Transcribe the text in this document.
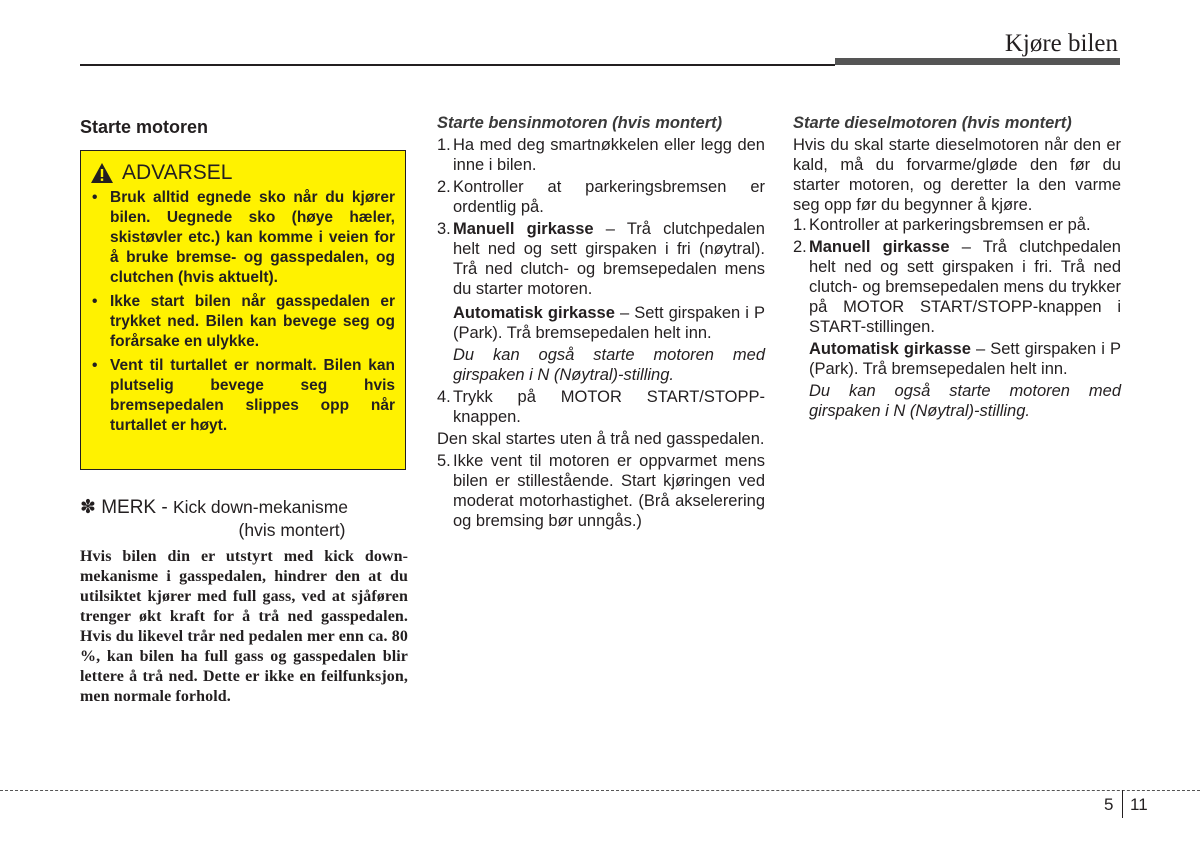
Kjøre bilen
Starte motoren
ADVARSEL
• Bruk alltid egnede sko når du kjører bilen. Uegnede sko (høye hæler, skistøvler etc.) kan komme i veien for å bruke bremse- og gasspedalen, og clutchen (hvis aktuelt).
• Ikke start bilen når gasspedalen er trykket ned. Bilen kan bevege seg og forårsake en ulykke.
• Vent til turtallet er normalt. Bilen kan plutselig bevege seg hvis bremsepedalen slippes opp når turtallet er høyt.
✽ MERK - Kick down-mekanisme
(hvis montert)
Hvis bilen din er utstyrt med kick down-mekanisme i gasspedalen, hindrer den at du utilsiktet kjører med full gass, ved at sjåføren trenger økt kraft for å trå ned gasspedalen. Hvis du likevel trår ned pedalen mer enn ca. 80 %, kan bilen ha full gass og gasspedalen blir lettere å trå ned. Dette er ikke en feilfunksjon, men normale forhold.
Starte bensinmotoren (hvis montert)
1. Ha med deg smartnøkkelen eller legg den inne i bilen.
2. Kontroller at parkeringsbremsen er ordentlig på.
3. Manuell girkasse – Trå clutchpedalen helt ned og sett girspaken i fri (nøytral). Trå ned clutch- og bremsepedalen mens du starter motoren.
Automatisk girkasse – Sett girspaken i P (Park). Trå bremsepedalen helt inn.
Du kan også starte motoren med girspaken i N (Nøytral)-stilling.
4. Trykk på MOTOR START/STOPP-knappen.
Den skal startes uten å trå ned gasspedalen.
5. Ikke vent til motoren er oppvarmet mens bilen er stillestående. Start kjøringen ved moderat motorhastighet. (Brå akselerering og bremsing bør unngås.)
Starte dieselmotoren (hvis montert)
Hvis du skal starte dieselmotoren når den er kald, må du forvarme/gløde den før du starter motoren, og deretter la den varme seg opp før du begynner å kjøre.
1. Kontroller at parkeringsbremsen er på.
2. Manuell girkasse – Trå clutchpedalen helt ned og sett girspaken i fri. Trå ned clutch- og bremsepedalen mens du trykker på MOTOR START/STOPP-knappen i START-stillingen.
Automatisk girkasse – Sett girspaken i P (Park). Trå bremsepedalen helt inn.
Du kan også starte motoren med girspaken i N (Nøytral)-stilling.
5 11
